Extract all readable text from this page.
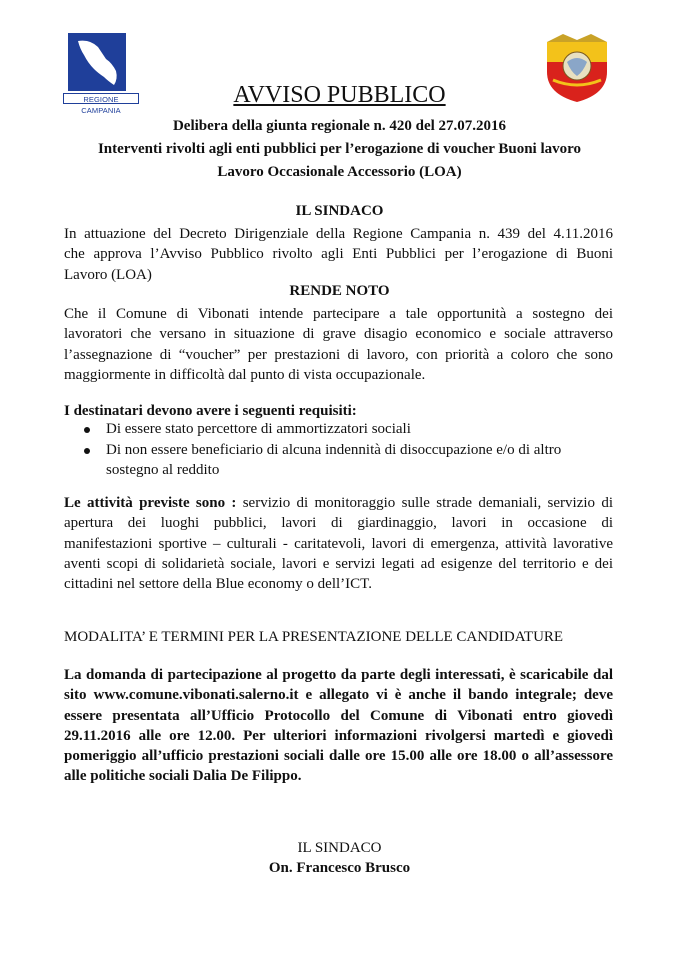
REGIONE CAMPANIA
AVVISO PUBBLICO
Delibera della giunta regionale n. 420 del 27.07.2016
Interventi rivolti agli enti pubblici per l’erogazione di voucher Buoni lavoro
Lavoro Occasionale Accessorio (LOA)
IL SINDACO
In attuazione del Decreto Dirigenziale della Regione Campania n. 439 del 4.11.2016
che approva l’Avviso Pubblico rivolto agli Enti Pubblici per l’erogazione di Buoni
Lavoro (LOA)
RENDE NOTO
Che il Comune di Vibonati intende partecipare a tale opportunità a sostegno dei
lavoratori che versano in situazione di grave disagio economico e sociale attraverso
l’assegnazione di “voucher” per prestazioni di lavoro, con priorità a coloro che sono
maggiormente in difficoltà dal punto di vista occupazionale.
I destinatari devono avere i seguenti requisiti:
Di essere stato percettore di ammortizzatori sociali
Di non essere beneficiario di alcuna indennità di disoccupazione e/o di altro
sostegno al reddito
Le attività previste sono : servizio di monitoraggio sulle strade demaniali, servizio di
apertura dei luoghi pubblici, lavori di giardinaggio, lavori in occasione di
manifestazioni sportive – culturali - caritatevoli, lavori di emergenza, attività lavorative
aventi scopi di solidarietà sociale, lavori e servizi legati ad esigenze del territorio e dei
cittadini nel settore della Blue economy o dell’ICT.
MODALITA’ E TERMINI PER LA PRESENTAZIONE DELLE CANDIDATURE
La domanda di partecipazione al progetto da parte degli interessati, è scaricabile dal
sito www.comune.vibonati.salerno.it e allegato vi è anche il bando integrale; deve
essere presentata all’Ufficio Protocollo del Comune di Vibonati entro giovedì
29.11.2016 alle ore 12.00. Per ulteriori informazioni rivolgersi martedì e giovedì
pomeriggio all’ufficio prestazioni sociali dalle ore 15.00 alle ore 18.00 o all’assessore
alle politiche sociali Dalia De Filippo.
IL SINDACO
On. Francesco Brusco
